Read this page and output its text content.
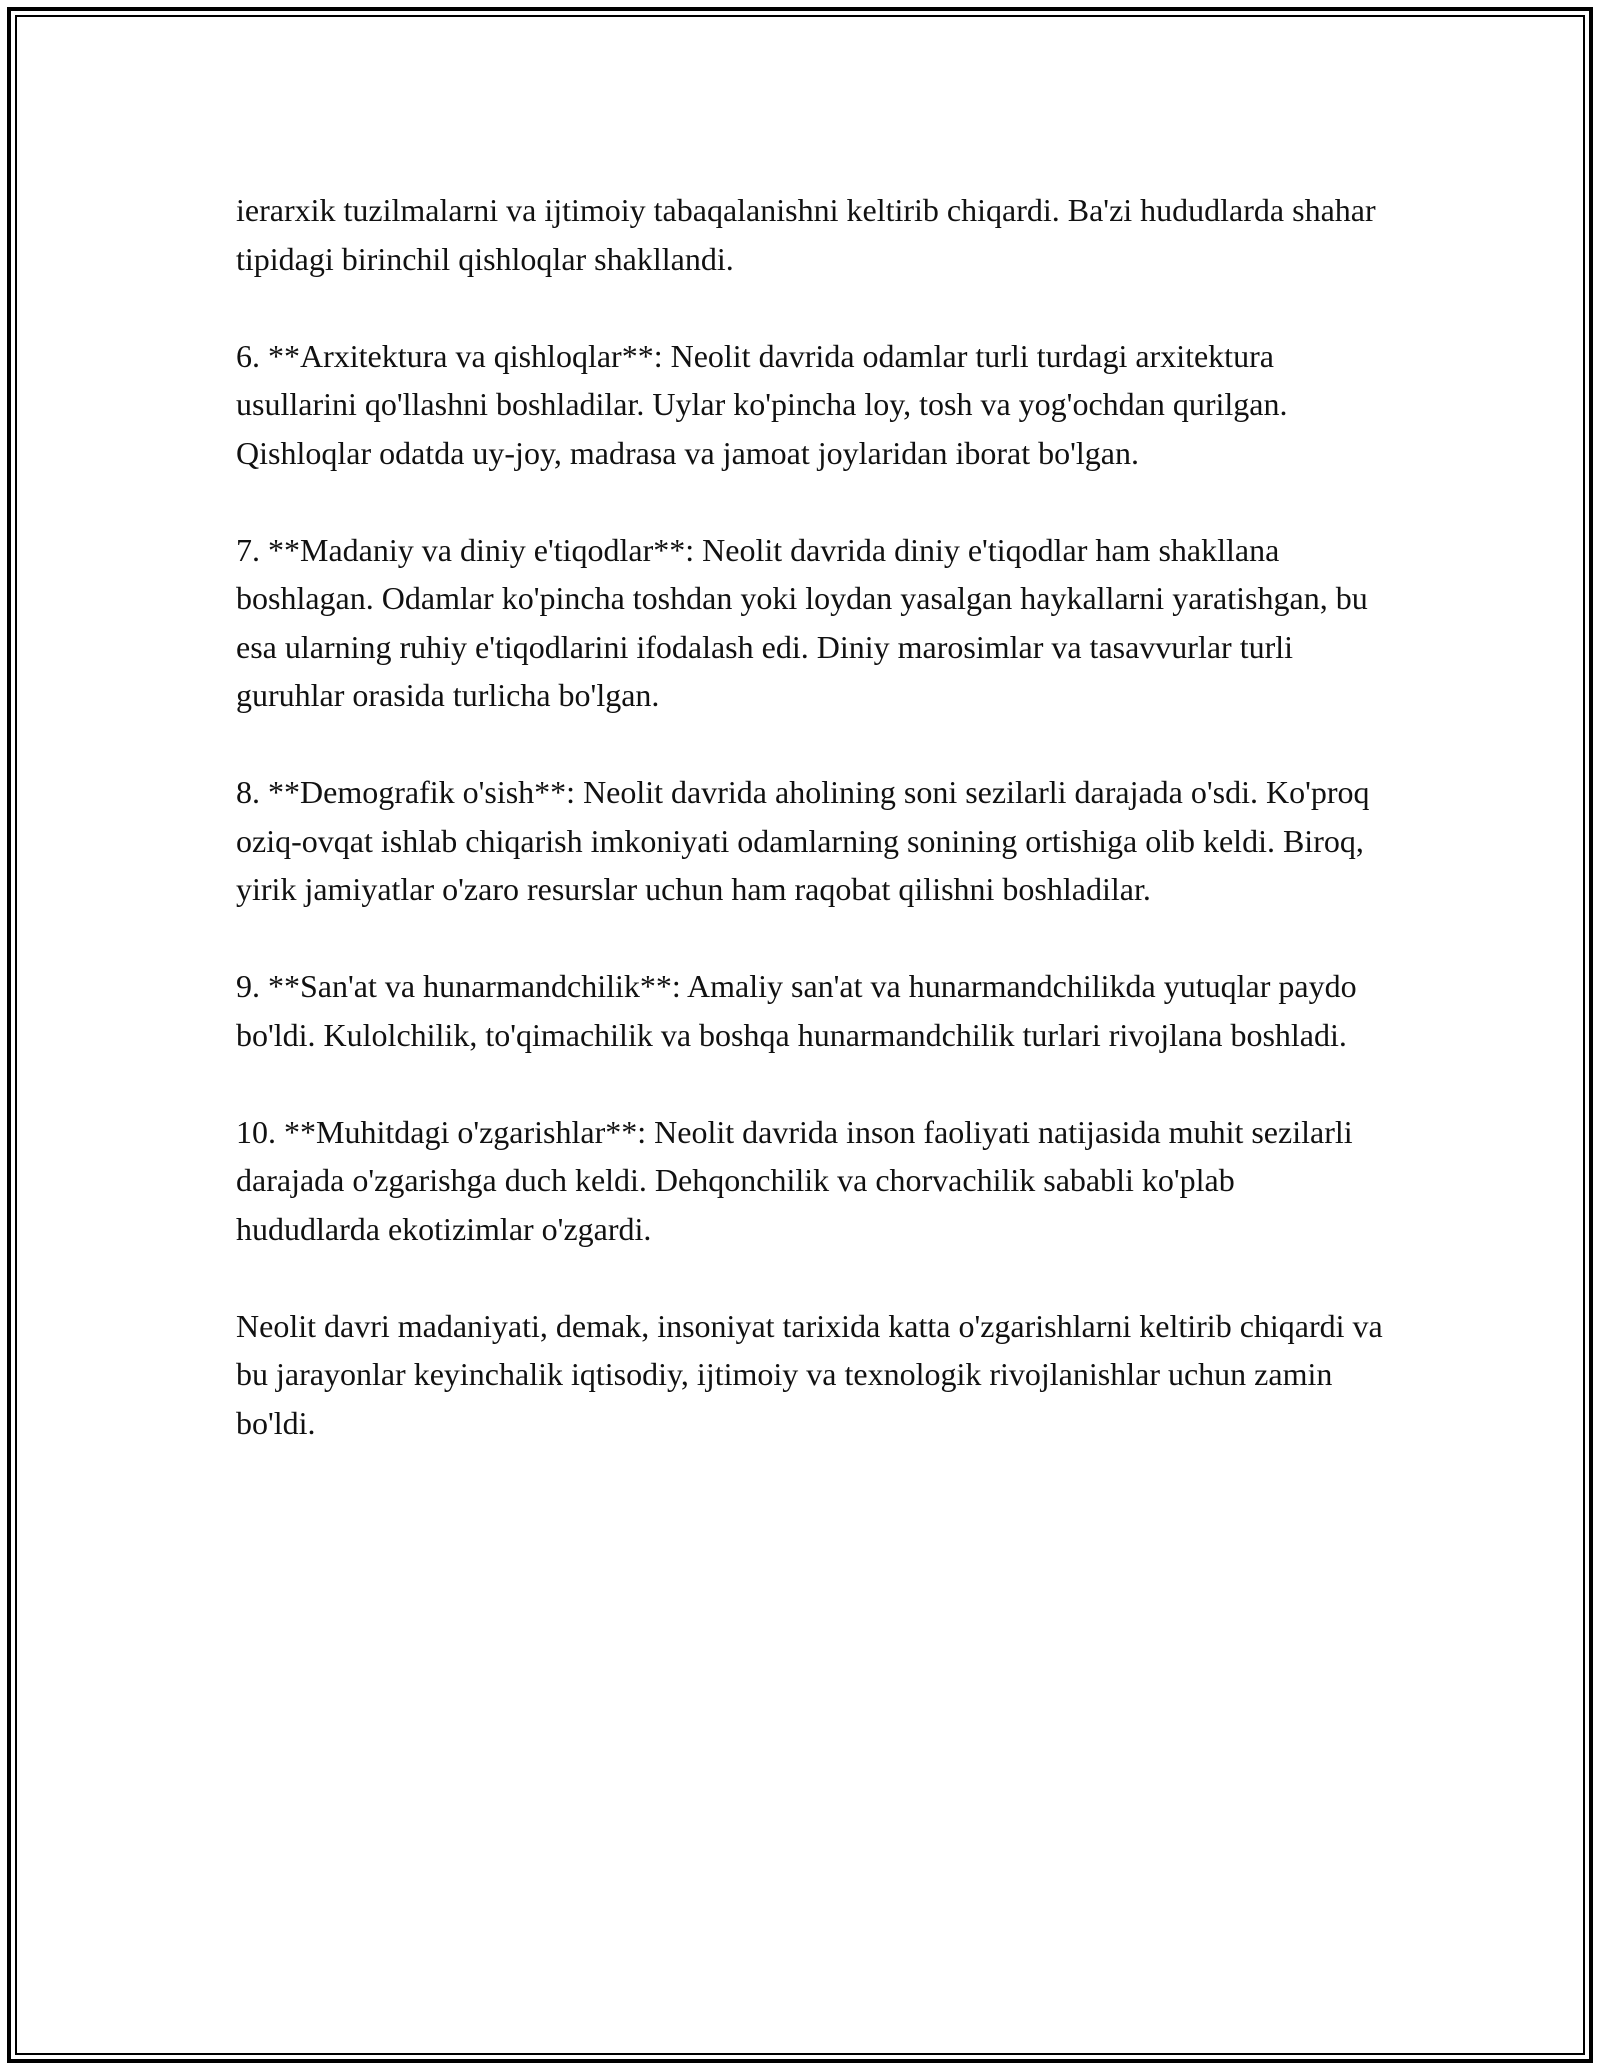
ierarxik tuzilmalarni va ijtimoiy tabaqalanishni keltirib chiqardi. Ba'zi hududlarda shahar tipidagi birinchil qishloqlar shakllandi.

6. **Arxitektura va qishloqlar**: Neolit davrida odamlar turli turdagi arxitektura usullarini qo'llashni boshladilar. Uylar ko'pincha loy, tosh va yog'ochdan qurilgan. Qishloqlar odatda uy-joy, madrasa va jamoat joylaridan iborat bo'lgan.

7. **Madaniy va diniy e'tiqodlar**: Neolit davrida diniy e'tiqodlar ham shakllana boshlagan. Odamlar ko'pincha toshdan yoki loydan yasalgan haykallarni yaratishgan, bu esa ularning ruhiy e'tiqodlarini ifodalash edi. Diniy marosimlar va tasavvurlar turli guruhlar orasida turlicha bo'lgan.

8. **Demografik o'sish**: Neolit davrida aholining soni sezilarli darajada o'sdi. Ko'proq oziq-ovqat ishlab chiqarish imkoniyati odamlarning sonining ortishiga olib keldi. Biroq, yirik jamiyatlar o'zaro resurslar uchun ham raqobat qilishni boshladilar.

9. **San'at va hunarmandchilik**: Amaliy san'at va hunarmandchilikda yutuqlar paydo bo'ldi. Kulolchilik, to'qimachilik va boshqa hunarmandchilik turlari rivojlana boshladi.

10. **Muhitdagi o'zgarishlar**: Neolit davrida inson faoliyati natijasida muhit sezilarli darajada o'zgarishga duch keldi. Dehqonchilik va chorvachilik sababli ko'plab hududlarda ekotizimlar o'zgardi.

Neolit davri madaniyati, demak, insoniyat tarixida katta o'zgarishlarni keltirib chiqardi va bu jarayonlar keyinchalik iqtisodiy, ijtimoiy va texnologik rivojlanishlar uchun zamin bo'ldi.
